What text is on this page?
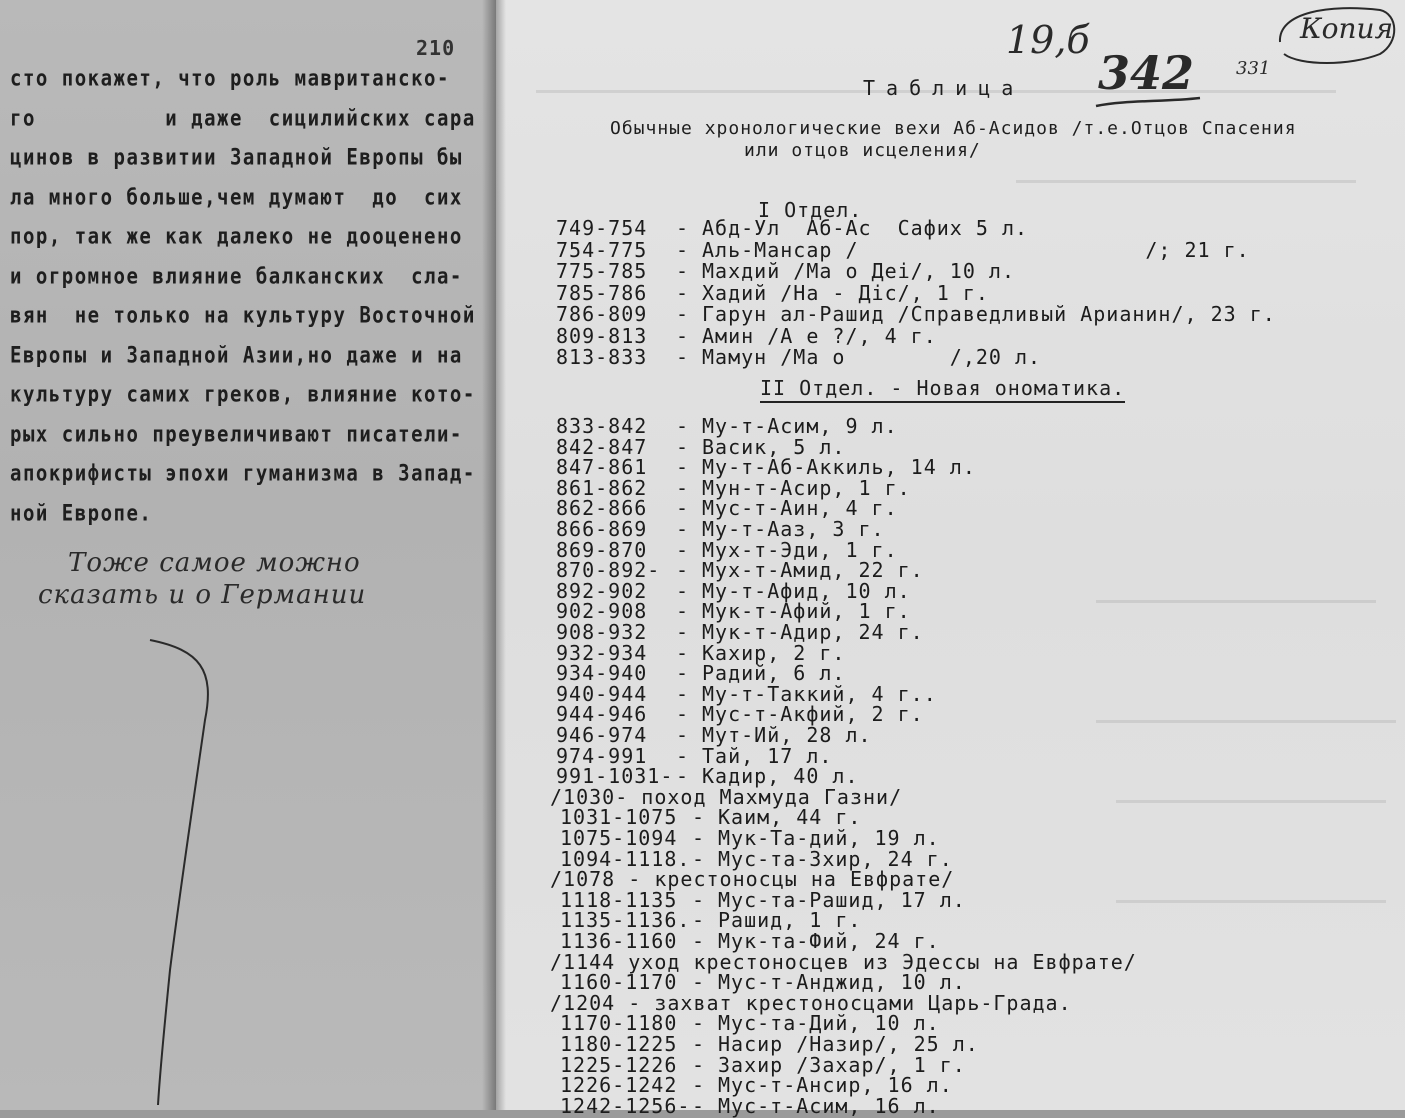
210
сто покажет, что роль мавританско-
го          и даже  сицилийских сара
цинов в развитии Западной Европы бы
ла много больше,чем думают  до  сих
пор, так же как далеко не дооценено
и огромное влияние балканских  сла-
вян  не только на культуру Восточной
Европы и Западной Азии,но даже и на
культуру самих греков, влияние кото-
рых сильно преувеличивают писатели-
апокрифисты эпохи гуманизма в Запад-
ной Европе.
Тоже самое можно
сказать и о Германии
19,б
342 331
Копия
Таблица
Обычные хронологические вехи Аб-Асидов /т.е.Отцов Спасения
или отцов исцеления/
I Отдел.
749-754 - Абд-Ул  Аб-Ас  Сафих 5 л.
754-775 - Аль-Мансар /                      /; 21 г.
775-785 - Махдий /Ма о Деі/, 10 л.
785-786 - Хадий /На - Діс/, 1 г.
786-809 - Гарун ал-Рашид /Справедливый Арианин/, 23 г.
809-813 - Амин /А е ?/, 4 г.
813-833 - Мамун /Ма о        /,20 л.
II Отдел. - Новая ономатика.
833-842 - Му-т-Асим, 9 л.
842-847 - Васик, 5 л.
847-861 - Му-т-Аб-Аккиль, 14 л.
861-862 - Мун-т-Асир, 1 г.
862-866 - Мус-т-Аин, 4 г.
866-869 - Му-т-Ааз, 3 г.
869-870 - Мух-т-Эди, 1 г.
870-892- - Мух-т-Амид, 22 г.
892-902 - Му-т-Афид, 10 л.
902-908 - Мук-т-Афий, 1 г.
908-932 - Мук-т-Адир, 24 г.
932-934 - Кахир, 2 г.
934-940 - Радий, 6 л.
940-944 - Му-т-Таккий, 4 г..
944-946 - Мус-т-Акфий, 2 г.
946-974 - Мут-Ий, 28 л.
974-991 - Тай, 17 л.
991-1031- - Кадир, 40 л.
/1030- поход Махмуда Газни/
1031-1075 - Каим, 44 г.
1075-1094 - Мук-Та-дий, 19 л.
1094-1118.- Мус-та-Зхир, 24 г.
/1078 - крестоносцы на Евфрате/
1118-1135 - Мус-та-Рашид, 17 л.
1135-1136.- Рашид, 1 г.
1136-1160 - Мук-та-Фий, 24 г.
/1144 уход крестоносцев из Эдессы на Евфрате/
1160-1170 - Мус-т-Анджид, 10 л.
/1204 - захват крестоносцами Царь-Града.
1170-1180 - Мус-та-Дий, 10 л.
1180-1225 - Насир /Назир/, 25 л.
1225-1226 - Захир /Захар/, 1 г.
1226-1242 - Мус-т-Ансир, 16 л.
1242-1256-- Мус-т-Асим, 16 л.
